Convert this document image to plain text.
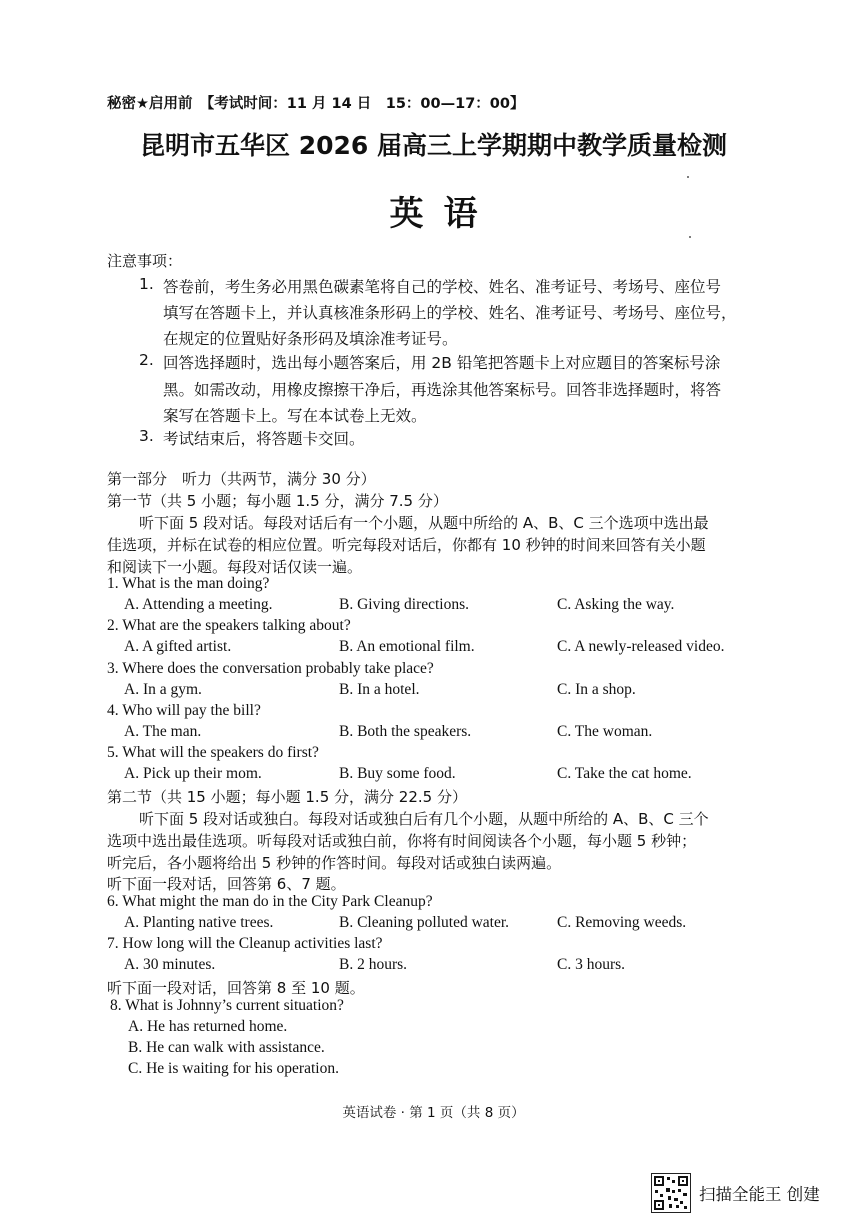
秘密★启用前　【考试时间：11 月 14 日　15：00—17：00】
昆明市五华区 2026 届高三上学期期中教学质量检测
英语
注意事项：
1. 答卷前，考生务必用黑色碳素笔将自己的学校、姓名、准考证号、考场号、座位号
填写在答题卡上，并认真核准条形码上的学校、姓名、准考证号、考场号、座位号，
在规定的位置贴好条形码及填涂准考证号。
2. 回答选择题时，选出每小题答案后，用 2B 铅笔把答题卡上对应题目的答案标号涂
黑。如需改动，用橡皮擦擦干净后，再选涂其他答案标号。回答非选择题时，将答
案写在答题卡上。写在本试卷上无效。
3. 考试结束后，将答题卡交回。
第一部分　听力（共两节，满分 30 分）
第一节（共 5 小题；每小题 1.5 分，满分 7.5 分）
听下面 5 段对话。每段对话后有一个小题，从题中所给的 A、B、C 三个选项中选出最
佳选项，并标在试卷的相应位置。听完每段对话后，你都有 10 秒钟的时间来回答有关小题
和阅读下一小题。每段对话仅读一遍。
1. What is the man doing?
A. Attending a meeting.	B. Giving directions.	C. Asking the way.
2. What are the speakers talking about?
A. A gifted artist.	B. An emotional film.	C. A newly-released video.
3. Where does the conversation probably take place?
A. In a gym.	B. In a hotel.	C. In a shop.
4. Who will pay the bill?
A. The man.	B. Both the speakers.	C. The woman.
5. What will the speakers do first?
A. Pick up their mom.	B. Buy some food.	C. Take the cat home.
第二节（共 15 小题；每小题 1.5 分，满分 22.5 分）
听下面 5 段对话或独白。每段对话或独白后有几个小题，从题中所给的 A、B、C 三个
选项中选出最佳选项。听每段对话或独白前，你将有时间阅读各个小题，每小题 5 秒钟；
听完后，各小题将给出 5 秒钟的作答时间。每段对话或独白读两遍。
听下面一段对话，回答第 6、7 题。
6. What might the man do in the City Park Cleanup?
A. Planting native trees.	B. Cleaning polluted water.	C. Removing weeds.
7. How long will the Cleanup activities last?
A. 30 minutes.	B. 2 hours.	C. 3 hours.
听下面一段对话，回答第 8 至 10 题。
8. What is Johnny’s current situation?
A. He has returned home.
B. He can walk with assistance.
C. He is waiting for his operation.
英语试卷 · 第 1 页（共 8 页）
扫描全能王 创建
